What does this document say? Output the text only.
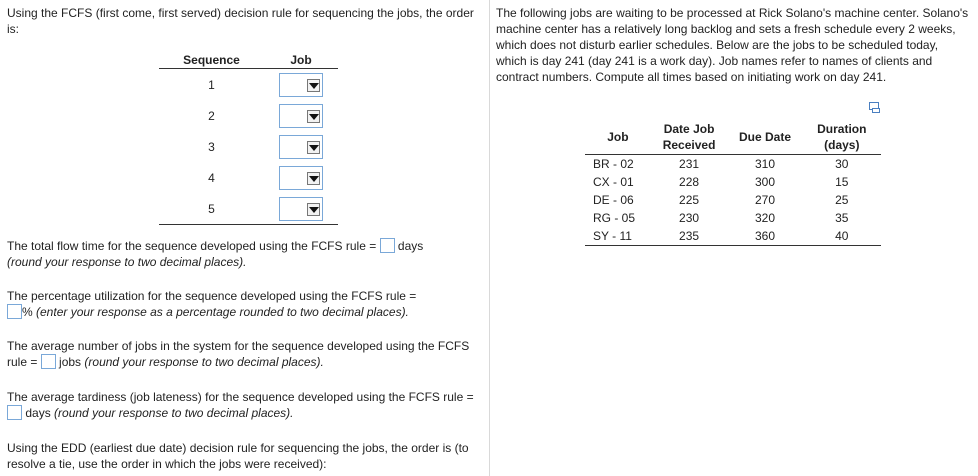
Using the FCFS (first come, first served) decision rule for sequencing the jobs, the order is:

Sequence	Job
1	

2	

3	

4	

5	

The total flow time for the sequence developed using the FCFS rule = days

(round your response to two decimal places).

The percentage utilization for the sequence developed using the FCFS rule =

% (enter your response as a percentage rounded to two decimal places).

The average number of jobs in the system for the sequence developed using the FCFS rule = jobs (round your response to two decimal places).

The average tardiness (job lateness) for the sequence developed using the FCFS rule =  days (round your response to two decimal places).

Using the EDD (earliest due date) decision rule for sequencing the jobs, the order is (to resolve a tie, use the order in which the jobs were received):

The following jobs are waiting to be processed at Rick Solano's machine center. Solano's machine center has a relatively long backlog and sets a fresh schedule every 2 weeks, which does not disturb earlier schedules. Below are the jobs to be scheduled today, which is day 241 (day 241 is a work day). Job names refer to names of clients and contract numbers. Compute all times based on initiating work on day 241.

Job	Date Job Received	Due Date	Duration (days)
BR - 02	231	310	30
CX - 01	228	300	15
DE - 06	225	270	25
RG - 05	230	320	35
SY - 11	235	360	40
